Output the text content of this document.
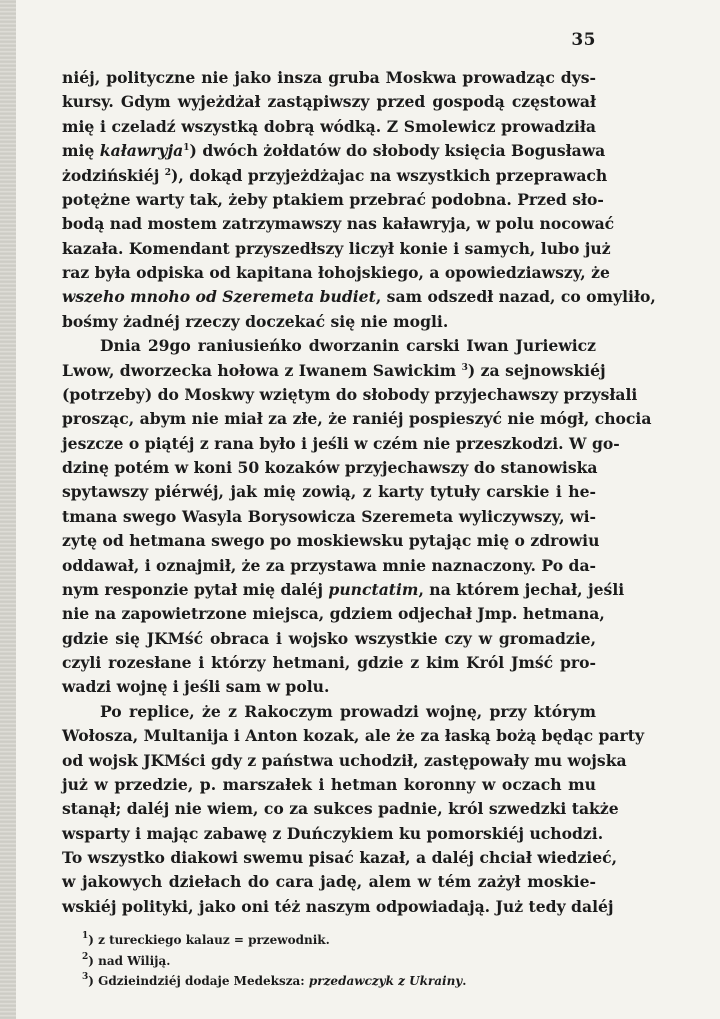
35
niéj, polityczne nie jako insza gruba Moskwa prowadząc dys-
kursy. Gdym wyjeżdżał zastąpiwszy przed gospodą częstował
mię i czeladź wszystką dobrą wódką. Z Smolewicz prowadziła
mię kaławryja$^1$) dwóch żołdatów do słobody księcia Bogusława
żodzińskiéj $^2$), dokąd przyjeżdżajac na wszystkich przeprawach
potężne warty tak, żeby ptakiem przebrać podobna. Przed sło-
bodą nad mostem zatrzymawszy nas kaławryja, w polu nocować
kazała. Komendant przyszedłszy liczył konie i samych, lubo już
raz była odpiska od kapitana łohojskiego, a opowiedziawszy, że
wszeho mnoho od Szeremeta budiet, sam odszedł nazad, co omyliło,
bośmy żadnéj rzeczy doczekać się nie mogli.
Dnia 29go raniusieńko dworzanin carski Iwan Juriewicz
Lwow, dworzecka hołowa z Iwanem Sawickim $^3$) za sejnowskiéj
(potrzeby) do Moskwy wziętym do słobody przyjechawszy przysłali
prosząc, abym nie miał za złe, że raniéj pospieszyć nie mógł, chocia
jeszcze o piątéj z rana było i jeśli w czém nie przeszkodzi. W go-
dzinę potém w koni 50 kozaków przyjechawszy do stanowiska
spytawszy piérwéj, jak mię zowią, z karty tytuły carskie i he-
tmana swego Wasyla Borysowicza Szeremeta wyliczywszy, wi-
zytę od hetmana swego po moskiewsku pytając mię o zdrowiu
oddawał, i oznajmił, że za przystawa mnie naznaczony. Po da-
nym responzie pytał mię daléj punctatim, na którem jechał, jeśli
nie na zapowietrzone miejsca, gdziem odjechał Jmp. hetmana,
gdzie się JKMść obraca i wojsko wszystkie czy w gromadzie,
czyli rozesłane i którzy hetmani, gdzie z kim Król Jmść pro-
wadzi wojnę i jeśli sam w polu.
Po replice, że z Rakoczym prowadzi wojnę, przy którym
Wołosza, Multanija i Anton kozak, ale że za łaską bożą będąc party
od wojsk JKMści gdy z państwa uchodził, zastępowały mu wojska
już w przedzie, p. marszałek i hetman koronny w oczach mu
stanął; daléj nie wiem, co za sukces padnie, król szwedzki także
wsparty i mając zabawę z Duńczykiem ku pomorskiéj uchodzi.
To wszystko diakowi swemu pisać kazał, a daléj chciał wiedzieć,
w jakowych dziełach do cara jadę, alem w tém zażył moskie-
wskiéj polityki, jako oni téż naszym odpowiadają. Już tedy daléj
$^1$) z tureckiego kalauz = przewodnik.
$^2$) nad Wiliją.
$^3$) Gdzieindziéj dodaje Medeksza: przedawczyk z Ukrainy.
